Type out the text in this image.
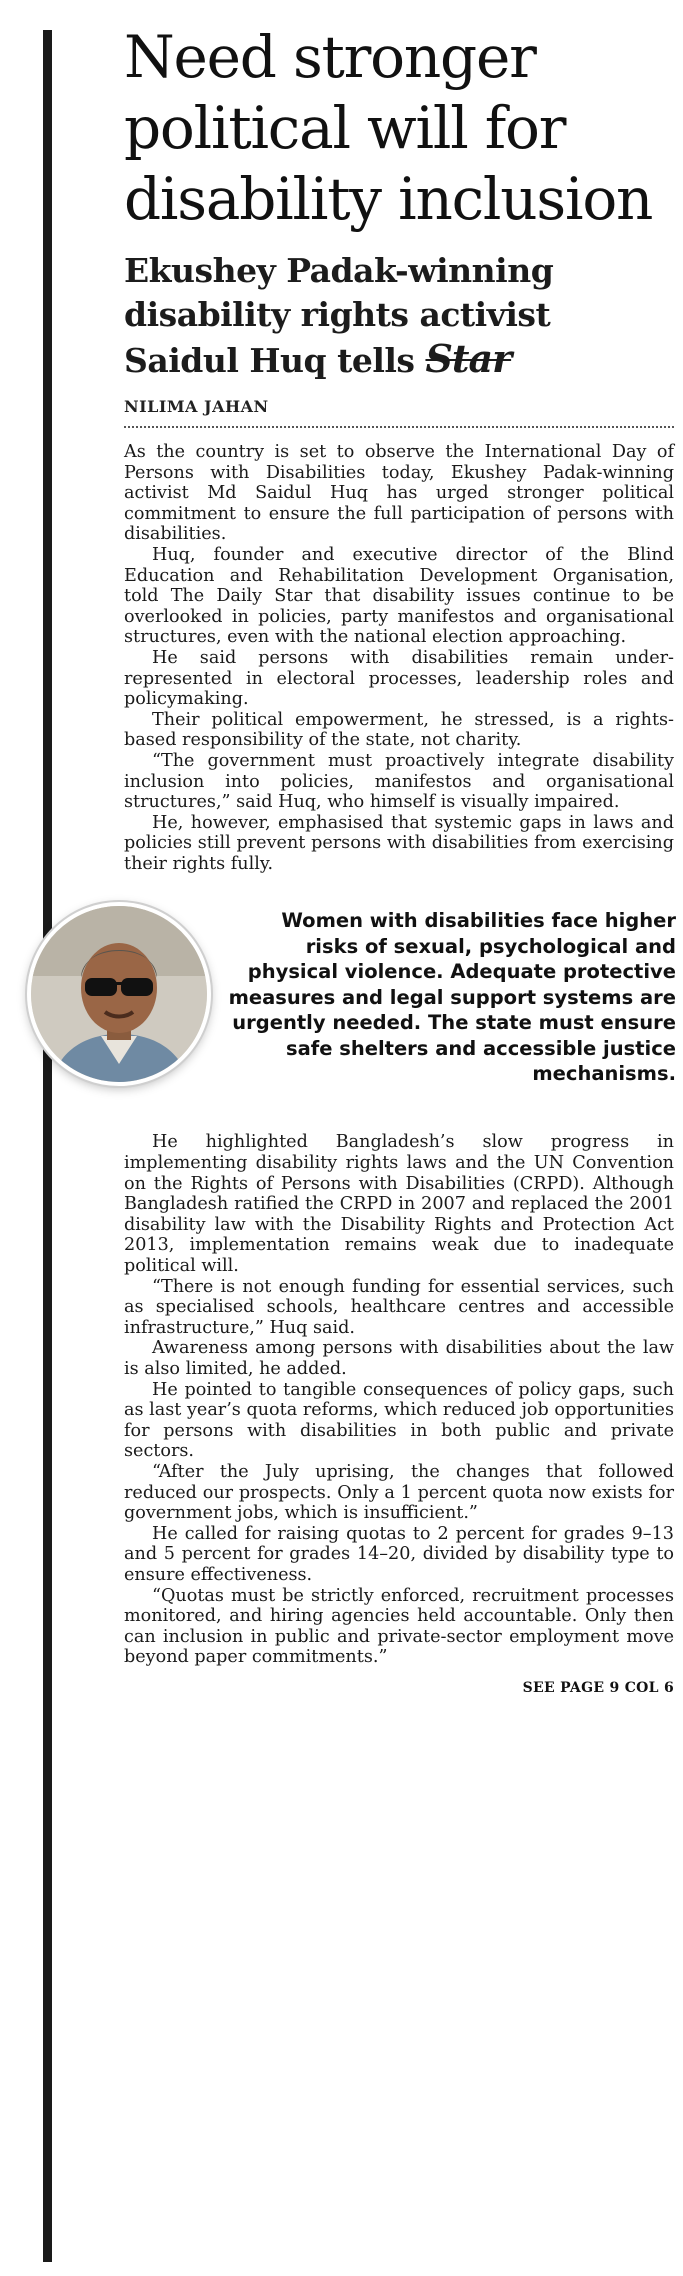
Need stronger
political will for
disability inclusion
Ekushey Padak-winning
disability rights activist
Saidul Huq tells Star
NILIMA JAHAN

As the country is set to observe the International Day of Persons with Disabilities today, Ekushey Padak-winning activist Md Saidul Huq has urged stronger political commitment to ensure the full participation of persons with disabilities.

Huq, founder and executive director of the Blind Education and Rehabilitation Development Organisation, told The Daily Star that disability issues continue to be overlooked in policies, party manifestos and organisational structures, even with the national election approaching.

He said persons with disabilities remain under-represented in electoral processes, leadership roles and policymaking.

Their political empowerment, he stressed, is a rights-based responsibility of the state, not charity.

“The government must proactively integrate disability inclusion into policies, manifestos and organisational structures,” said Huq, who himself is visually impaired.

He, however, emphasised that systemic gaps in laws and policies still prevent persons with disabilities from exercising their rights fully.

Women with disabilities face higher risks of sexual, psychological and physical violence. Adequate protective measures and legal support systems are urgently needed. The state must ensure safe shelters and accessible justice mechanisms.

He highlighted Bangladesh’s slow progress in implementing disability rights laws and the UN Convention on the Rights of Persons with Disabilities (CRPD). Although Bangladesh ratified the CRPD in 2007 and replaced the 2001 disability law with the Disability Rights and Protection Act 2013, implementation remains weak due to inadequate political will.

“There is not enough funding for essential services, such as specialised schools, healthcare centres and accessible infrastructure,” Huq said.

Awareness among persons with disabilities about the law is also limited, he added.

He pointed to tangible consequences of policy gaps, such as last year’s quota reforms, which reduced job opportunities for persons with disabilities in both public and private sectors.

“After the July uprising, the changes that followed reduced our prospects. Only a 1 percent quota now exists for government jobs, which is insufficient.”

He called for raising quotas to 2 percent for grades 9–13 and 5 percent for grades 14–20, divided by disability type to ensure effectiveness.

“Quotas must be strictly enforced, recruitment processes monitored, and hiring agencies held accountable. Only then can inclusion in public and private-sector employment move beyond paper commitments.”

SEE PAGE 9 COL 6
